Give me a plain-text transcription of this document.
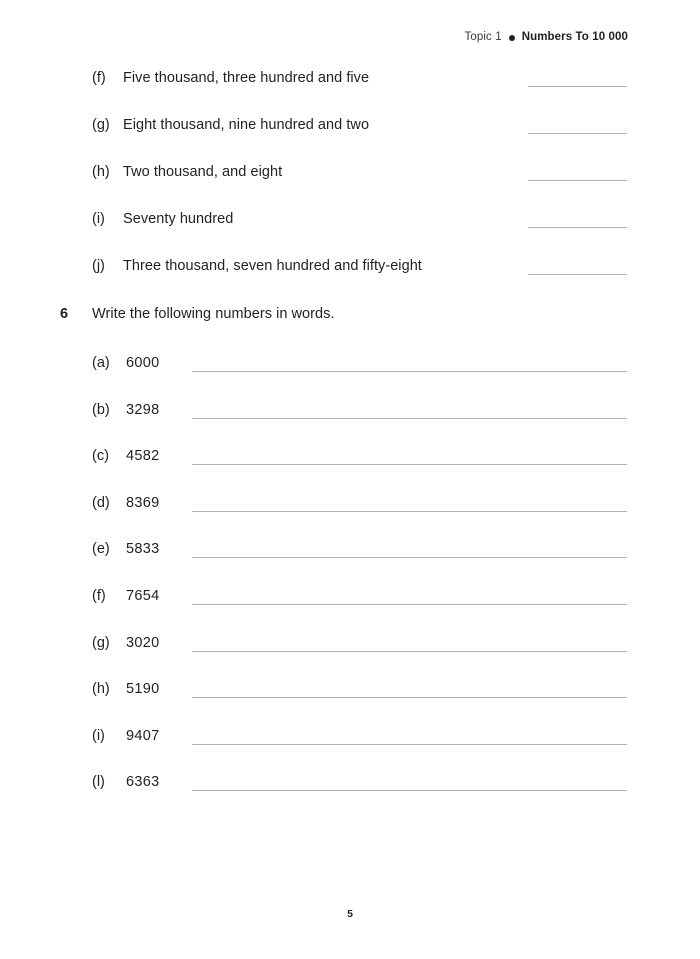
Topic 1 Numbers To 10 000
(f)	Five thousand, three hundred and five
(g) Eight thousand, nine hundred and two
(h) Two thousand, and eight
(i)	Seventy hundred
(j)	Three thousand, seven hundred and fifty-eight
6 Write the following numbers in words.
(a)	6000
(b)	3298
(c)	4582
(d)	8369
(e)	5833
(f)	7654
(g)	3020
(h)	5190
(i)	9407
(l)	6363
5
